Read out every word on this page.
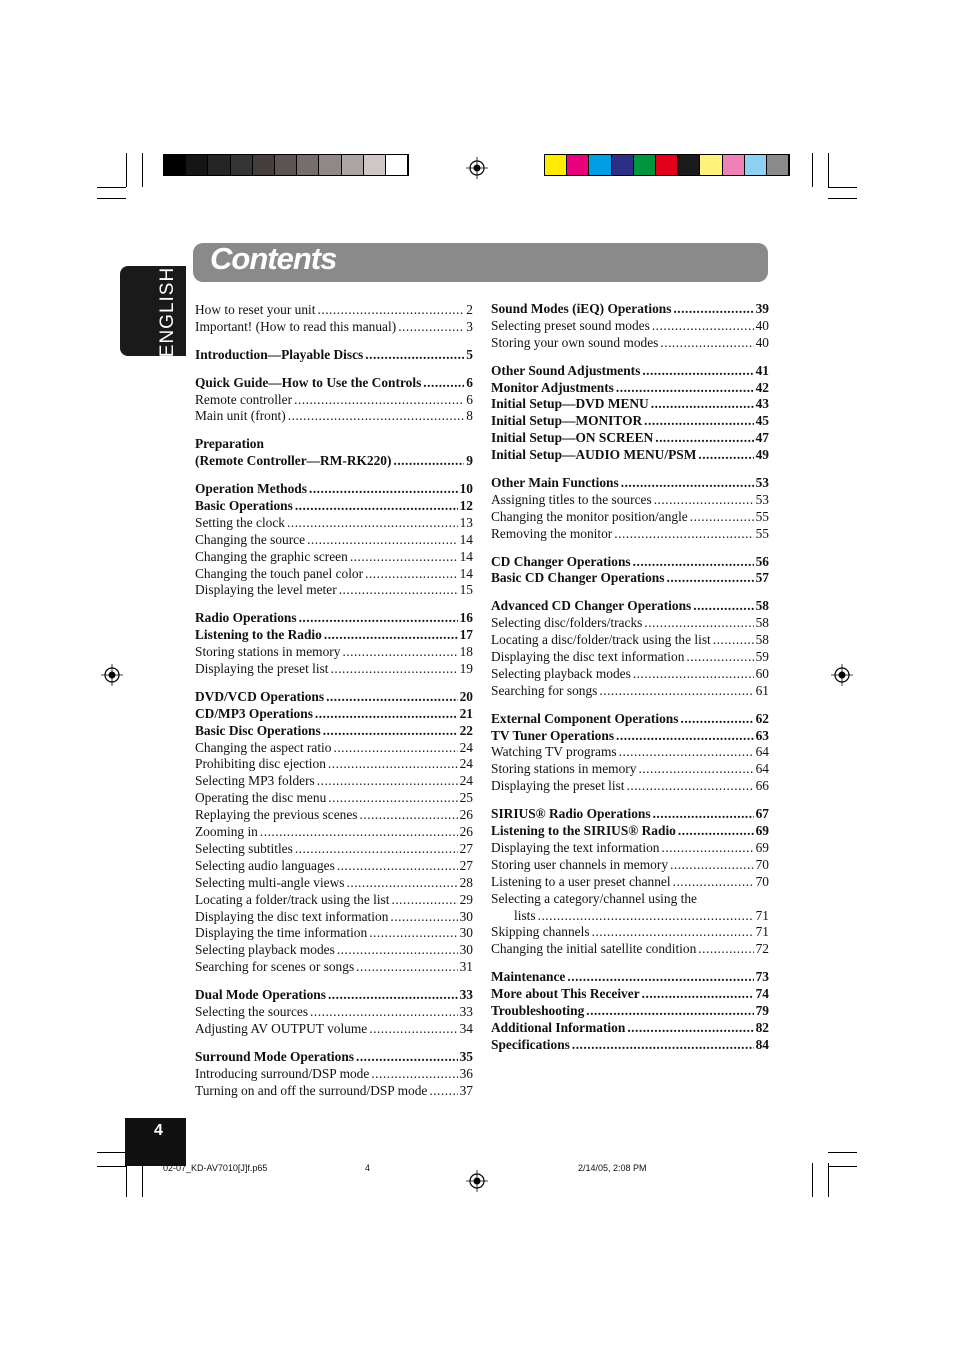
ENGLISH
Contents
How to reset your unit .....	2
Important! (How to read this manual) .....	3
Introduction—Playable Discs .....	5
Quick Guide—How to Use the Controls .....	6
Remote controller .....	6
Main unit (front) .....	8
Preparation
(Remote Controller—RM-RK220) .....	9
Operation Methods .....	10
Basic Operations .....	12
Setting the clock .....	13
Changing the source .....	14
Changing the graphic screen .....	14
Changing the touch panel color .....	14
Displaying the level meter .....	15
Radio Operations .....	16
Listening to the Radio .....	17
Storing stations in memory .....	18
Displaying the preset list .....	19
DVD/VCD Operations .....	20
CD/MP3 Operations .....	21
Basic Disc Operations .....	22
Changing the aspect ratio .....	24
Prohibiting disc ejection .....	24
Selecting MP3 folders .....	24
Operating the disc menu .....	25
Replaying the previous scenes .....	26
Zooming in .....	26
Selecting subtitles .....	27
Selecting audio languages .....	27
Selecting multi-angle views .....	28
Locating a folder/track using the list .....	29
Displaying the disc text information .....	30
Displaying the time information .....	30
Selecting playback modes .....	30
Searching for scenes or songs .....	31
Dual Mode Operations .....	33
Selecting the sources .....	33
Adjusting AV OUTPUT volume .....	34
Surround Mode Operations .....	35
Introducing surround/DSP mode .....	36
Turning on and off the surround/DSP mode ..... 37
Sound Modes (iEQ) Operations .....	39
Selecting preset sound modes .....	40
Storing your own sound modes .....	40
Other Sound Adjustments .....	41
Monitor Adjustments .....	42
Initial Setup—DVD MENU .....	43
Initial Setup—MONITOR .....	45
Initial Setup—ON SCREEN .....	47
Initial Setup—AUDIO MENU/PSM .....	49
Other Main Functions .....	53
Assigning titles to the sources .....	53
Changing the monitor position/angle .....	55
Removing the monitor .....	55
CD Changer Operations .....	56
Basic CD Changer Operations .....	57
Advanced CD Changer Operations .....	58
Selecting disc/folders/tracks .....	58
Locating a disc/folder/track using the list .....	58
Displaying the disc text information .....	59
Selecting playback modes .....	60
Searching for songs .....	61
External Component Operations .....	62
TV Tuner Operations .....	63
Watching TV programs .....	64
Storing stations in memory .....	64
Displaying the preset list .....	66
SIRIUS® Radio Operations .....	67
Listening to the SIRIUS® Radio .....	69
Displaying the text information .....	69
Storing user channels in memory .....	70
Listening to a user preset channel .....	70
Selecting a category/channel using the
lists .....	71
Skipping channels .....	71
Changing the initial satellite condition .....	72
Maintenance .....	73
More about This Receiver .....	74
Troubleshooting .....	79
Additional Information .....	82
Specifications .....	84
4
02-07_KD-AV7010[J]f.p65	4	2/14/05, 2:08 PM
